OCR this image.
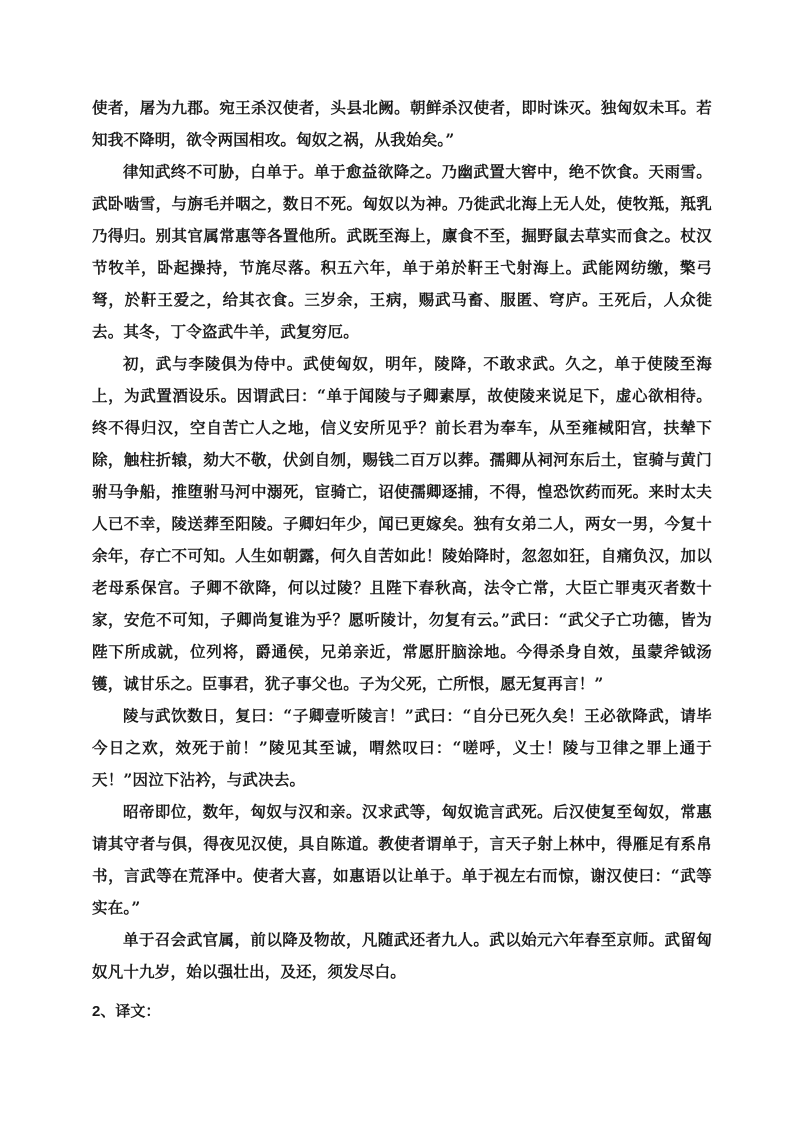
使者，屠为九郡。宛王杀汉使者，头县北阙。朝鲜杀汉使者，即时诛灭。独匈奴未耳。若知我不降明，欲令两国相攻。匈奴之祸，从我始矣。”

律知武终不可胁，白单于。单于愈益欲降之。乃幽武置大窖中，绝不饮食。天雨雪。武卧啮雪，与旃毛并咽之，数日不死。匈奴以为神。乃徙武北海上无人处，使牧羝，羝乳乃得归。别其官属常惠等各置他所。武既至海上，廪食不至，掘野鼠去草实而食之。杖汉节牧羊，卧起操持，节旄尽落。积五六年，单于弟於靬王弋射海上。武能网纺缴，檠弓弩，於靬王爱之，给其衣食。三岁余，王病，赐武马畜、服匿、穹庐。王死后，人众徙去。其冬，丁令盗武牛羊，武复穷厄。

初，武与李陵俱为侍中。武使匈奴，明年，陵降，不敢求武。久之，单于使陵至海上，为武置酒设乐。因谓武曰：“单于闻陵与子卿素厚，故使陵来说足下，虚心欲相待。终不得归汉，空自苦亡人之地，信义安所见乎？前长君为奉车，从至雍棫阳宫，扶辇下除，触柱折辕，劾大不敬，伏剑自刎，赐钱二百万以葬。孺卿从祠河东后土，宦骑与黄门驸马争船，推堕驸马河中溺死，宦骑亡，诏使孺卿逐捕，不得，惶恐饮药而死。来时太夫人已不幸，陵送葬至阳陵。子卿妇年少，闻已更嫁矣。独有女弟二人，两女一男，今复十余年，存亡不可知。人生如朝露，何久自苦如此！陵始降时，忽忽如狂，自痛负汉，加以老母系保宫。子卿不欲降，何以过陵？且陛下春秋高，法令亡常，大臣亡罪夷灭者数十家，安危不可知，子卿尚复谁为乎？愿听陵计，勿复有云。”武曰：“武父子亡功德，皆为陛下所成就，位列将，爵通侯，兄弟亲近，常愿肝脑涂地。今得杀身自效，虽蒙斧钺汤镬，诚甘乐之。臣事君，犹子事父也。子为父死，亡所恨，愿无复再言！”

陵与武饮数日，复曰：“子卿壹听陵言！”武曰：“自分已死久矣！王必欲降武，请毕今日之欢，效死于前！”陵见其至诚，喟然叹曰：“嗟呼，义士！陵与卫律之罪上通于天！”因泣下沾衿，与武决去。

昭帝即位，数年，匈奴与汉和亲。汉求武等，匈奴诡言武死。后汉使复至匈奴，常惠请其守者与俱，得夜见汉使，具自陈道。教使者谓单于，言天子射上林中，得雁足有系帛书，言武等在荒泽中。使者大喜，如惠语以让单于。单于视左右而惊，谢汉使曰：“武等实在。”

单于召会武官属，前以降及物故，凡随武还者九人。武以始元六年春至京师。武留匈奴凡十九岁，始以强壮出，及还，须发尽白。

2、译文：
